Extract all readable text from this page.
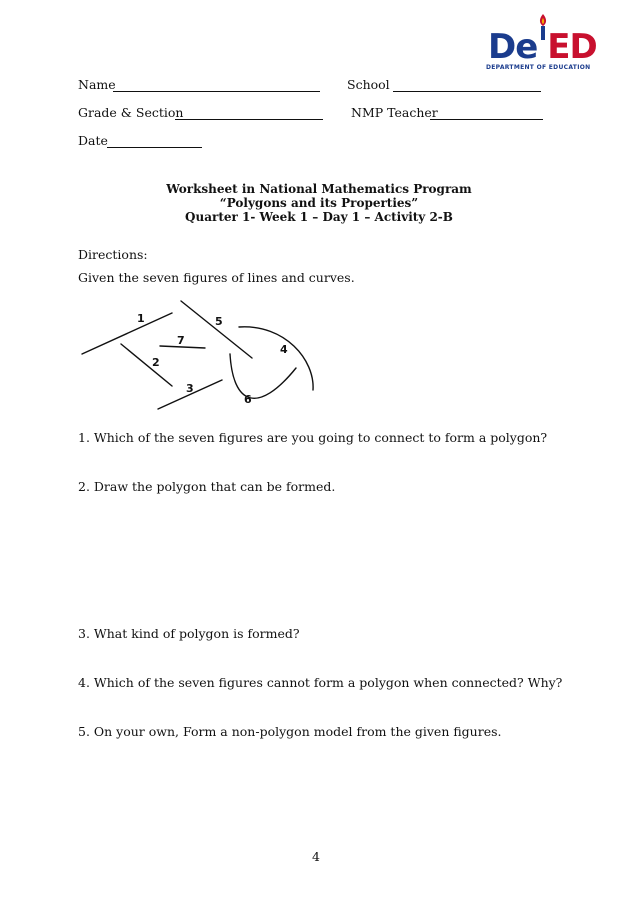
De ED
DEPARTMENT OF EDUCATION
Name	School
Grade & Section	NMP Teacher
Date
Worksheet in National Mathematics Program
“Polygons and its Properties”
Quarter 1- Week 1 – Day 1 – Activity 2-B
Directions:
Given the seven figures of lines and curves.
1
2
3
4
5
6
7
1. Which of the seven figures are you going to connect to form a polygon?
2. Draw the polygon that can be formed.
3. What kind of polygon is formed?
4. Which of the seven figures cannot form a polygon when connected? Why?
5. On your own, Form a non-polygon model from the given figures.
4
